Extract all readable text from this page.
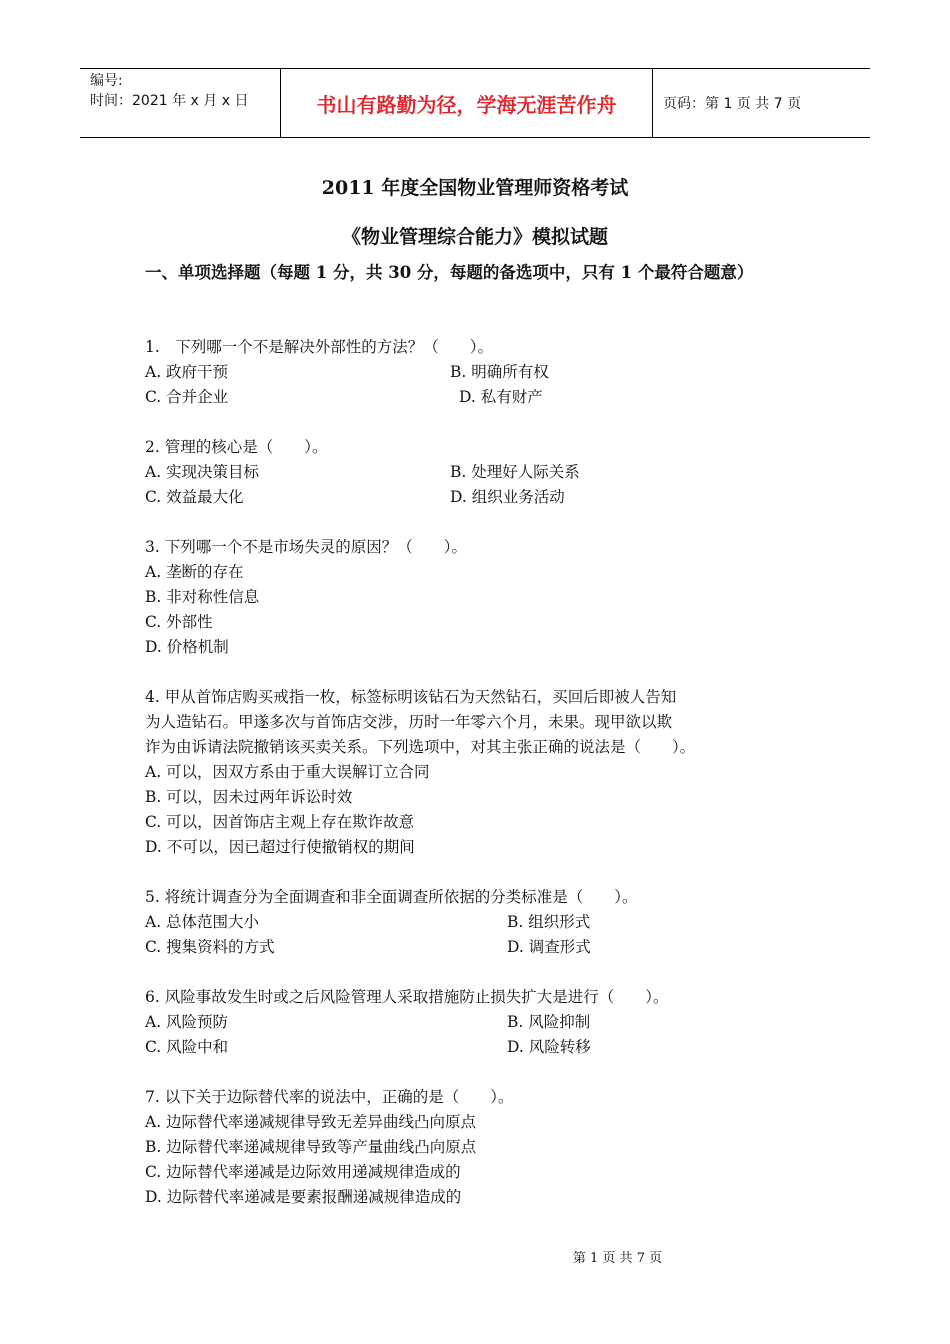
编号:
时间：2021 年 x 月 x 日	书山有路勤为径，学海无涯苦作舟	页码：第 1 页 共 7 页
2011 年度全国物业管理师资格考试
《物业管理综合能力》模拟试题
一、单项选择题（每题 1 分，共 30 分，每题的备选项中，只有 1 个最符合题意）

1.　下列哪一个不是解决外部性的方法？（　　）。

A. 政府干预	B. 明确所有权
C. 合并企业	D. 私有财产

2. 管理的核心是（　　）。

A. 实现决策目标	B. 处理好人际关系
C. 效益最大化	D. 组织业务活动

3. 下列哪一个不是市场失灵的原因？（　　）。

A. 垄断的存在

B. 非对称性信息

C. 外部性

D. 价格机制

4. 甲从首饰店购买戒指一枚，标签标明该钻石为天然钻石，买回后即被人告知

为人造钻石。甲遂多次与首饰店交涉，历时一年零六个月，未果。现甲欲以欺

诈为由诉请法院撤销该买卖关系。下列选项中，对其主张正确的说法是（　　）。

A. 可以，因双方系由于重大误解订立合同

B. 可以，因未过两年诉讼时效

C. 可以，因首饰店主观上存在欺诈故意

D. 不可以，因已超过行使撤销权的期间

5. 将统计调查分为全面调查和非全面调查所依据的分类标准是（　　）。

A. 总体范围大小	B. 组织形式
C. 搜集资料的方式	D. 调查形式

6. 风险事故发生时或之后风险管理人采取措施防止损失扩大是进行（　　）。

A. 风险预防	B. 风险抑制
C. 风险中和	D. 风险转移

7. 以下关于边际替代率的说法中，正确的是（　　）。

A. 边际替代率递减规律导致无差异曲线凸向原点

B. 边际替代率递减规律导致等产量曲线凸向原点

C. 边际替代率递减是边际效用递减规律造成的

D. 边际替代率递减是要素报酬递减规律造成的

第 1 页 共 7 页
